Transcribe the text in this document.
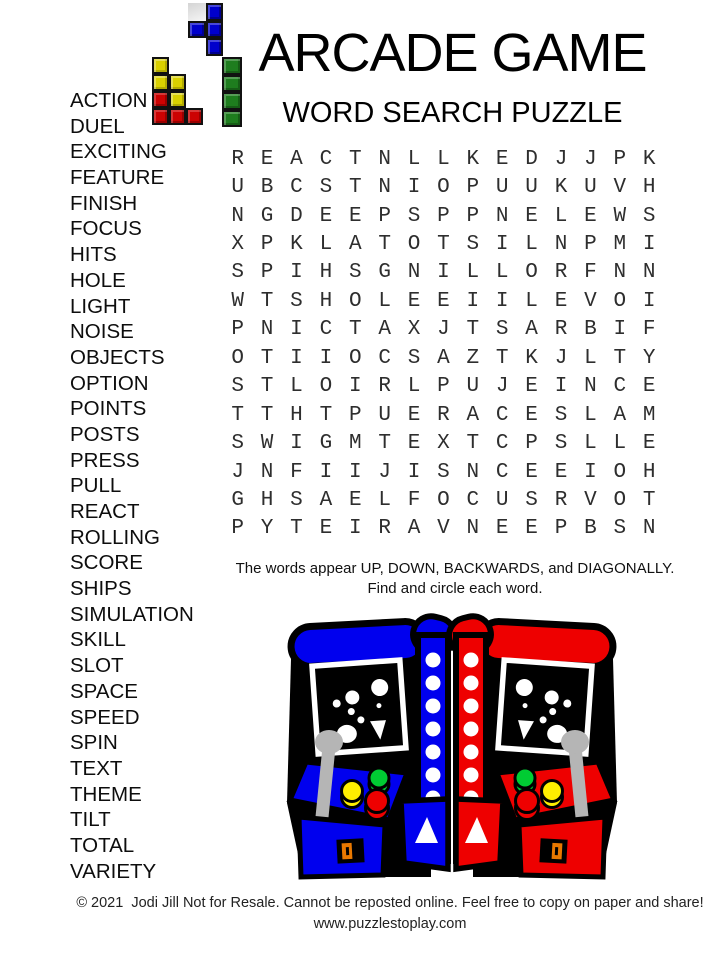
ARCADE GAME
WORD SEARCH PUZZLE
ACTION
DUEL
EXCITING
FEATURE
FINISH
FOCUS
HITS
HOLE
LIGHT
NOISE
OBJECTS
OPTION
POINTS
POSTS
PRESS
PULL
REACT
ROLLING
SCORE
SHIPS
SIMULATION
SKILL
SLOT
SPACE
SPEED
SPIN
TEXT
THEME
TILT
TOTAL
VARIETY
R E A C T N L L K E D J J P K
U B C S T N I O P U U K U V H
N G D E E P S P P N E L E W S
X P K L A T O T S I L N P M I
S P I H S G N I L L O R F N N
W T S H O L E E I I L E V O I
P N I C T A X J T S A R B I F
O T I I O C S A Z T K J L T Y
S T L O I R L P U J E I N C E
T T H T P U E R A C E S L A M
S W I G M T E X T C P S L L E
J N F I I J I S N C E E I O H
G H S A E L F O C U S R V O T
P Y T E I R A V N E E P B S N
The words appear UP, DOWN, BACKWARDS, and DIAGONALLY.
Find and circle each word.
© 2021  Jodi Jill Not for Resale. Cannot be reposted online. Feel free to copy on paper and share!
www.puzzlestoplay.com
